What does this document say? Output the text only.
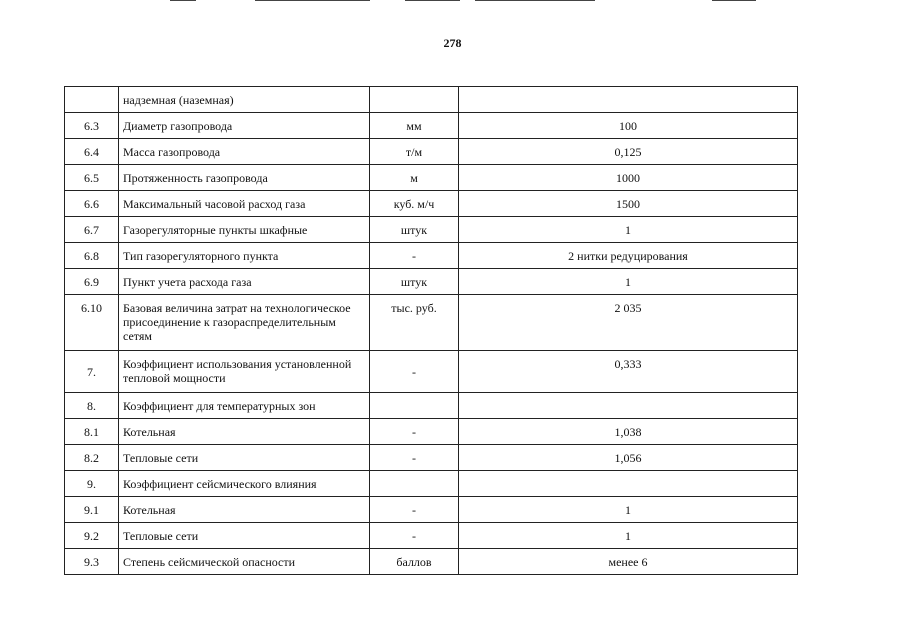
278
	надземная (наземная)		
6.3	Диаметр газопровода	мм	100
6.4	Масса газопровода	т/м	0,125
6.5	Протяженность газопровода	м	1000
6.6	Максимальный часовой расход газа	куб. м/ч	1500
6.7	Газорегуляторные пункты шкафные	штук	1
6.8	Тип газорегуляторного пункта	-	2 нитки редуцирования
6.9	Пункт учета расхода газа	штук	1
6.10	Базовая величина затрат на технологическое присоединение к газораспределительным сетям	тыс. руб.	2 035
7.	Коэффициент использования установленной тепловой мощности	-	0,333
8.	Коэффициент для температурных зон		
8.1	Котельная	-	1,038
8.2	Тепловые сети	-	1,056
9.	Коэффициент сейсмического влияния		
9.1	Котельная	-	1
9.2	Тепловые сети	-	1
9.3	Степень сейсмической опасности	баллов	менее 6
